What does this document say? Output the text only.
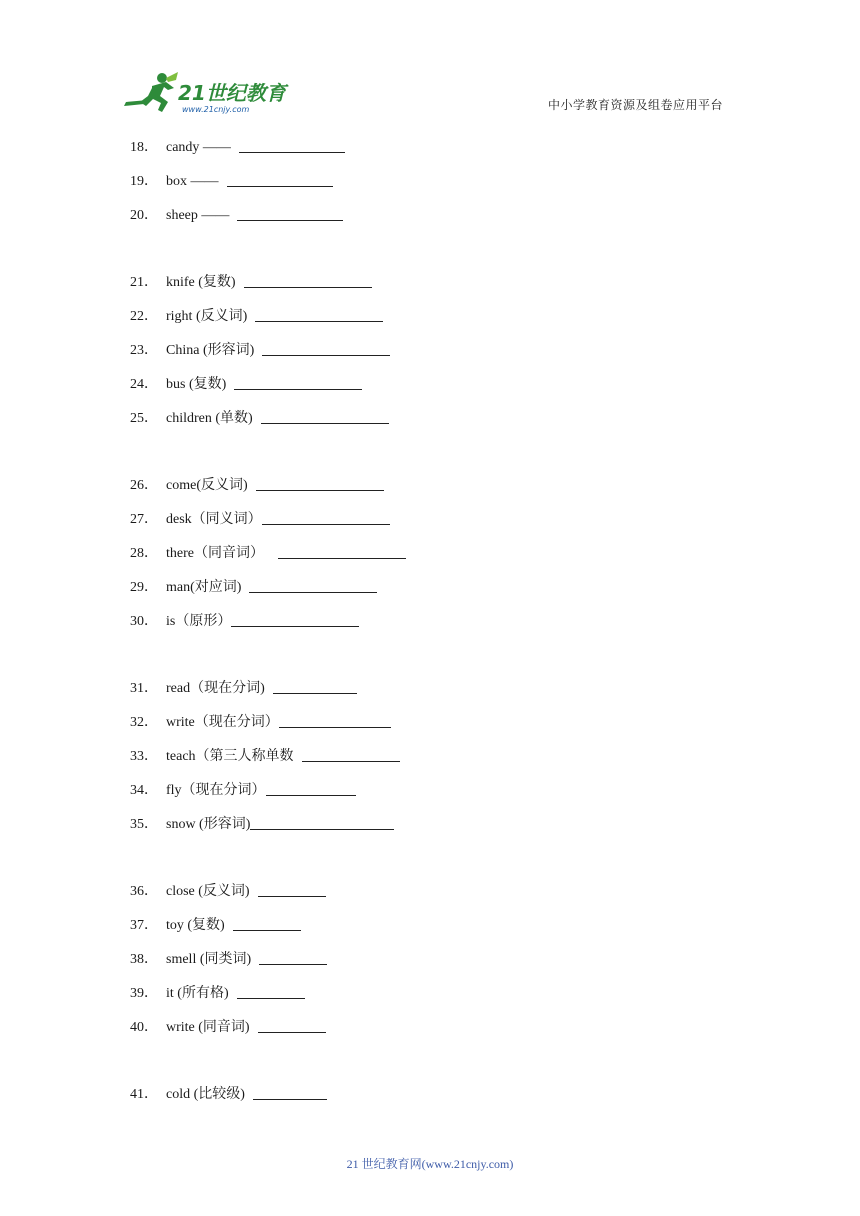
21世纪教育
www.21cnjy.com	中小学教育资源及组卷应用平台
18． candy ——
19． box ——
20． sheep ——
21． knife (复数)
22． right (反义词)
23． China (形容词)
24． bus (复数)
25． children (单数)
26． come(反义词)
27． desk（同义词）
28． there（同音词）
29． man(对应词)
30． is（原形）
31． read（现在分词)
32． write（现在分词）
33． teach（第三人称单数
34． fly（现在分词）
35． snow (形容词)
36． close (反义词)
37． toy (复数)
38． smell (同类词)
39． it (所有格)
40． write (同音词)
41． cold (比较级)
21 世纪教育网(www.21cnjy.com)
